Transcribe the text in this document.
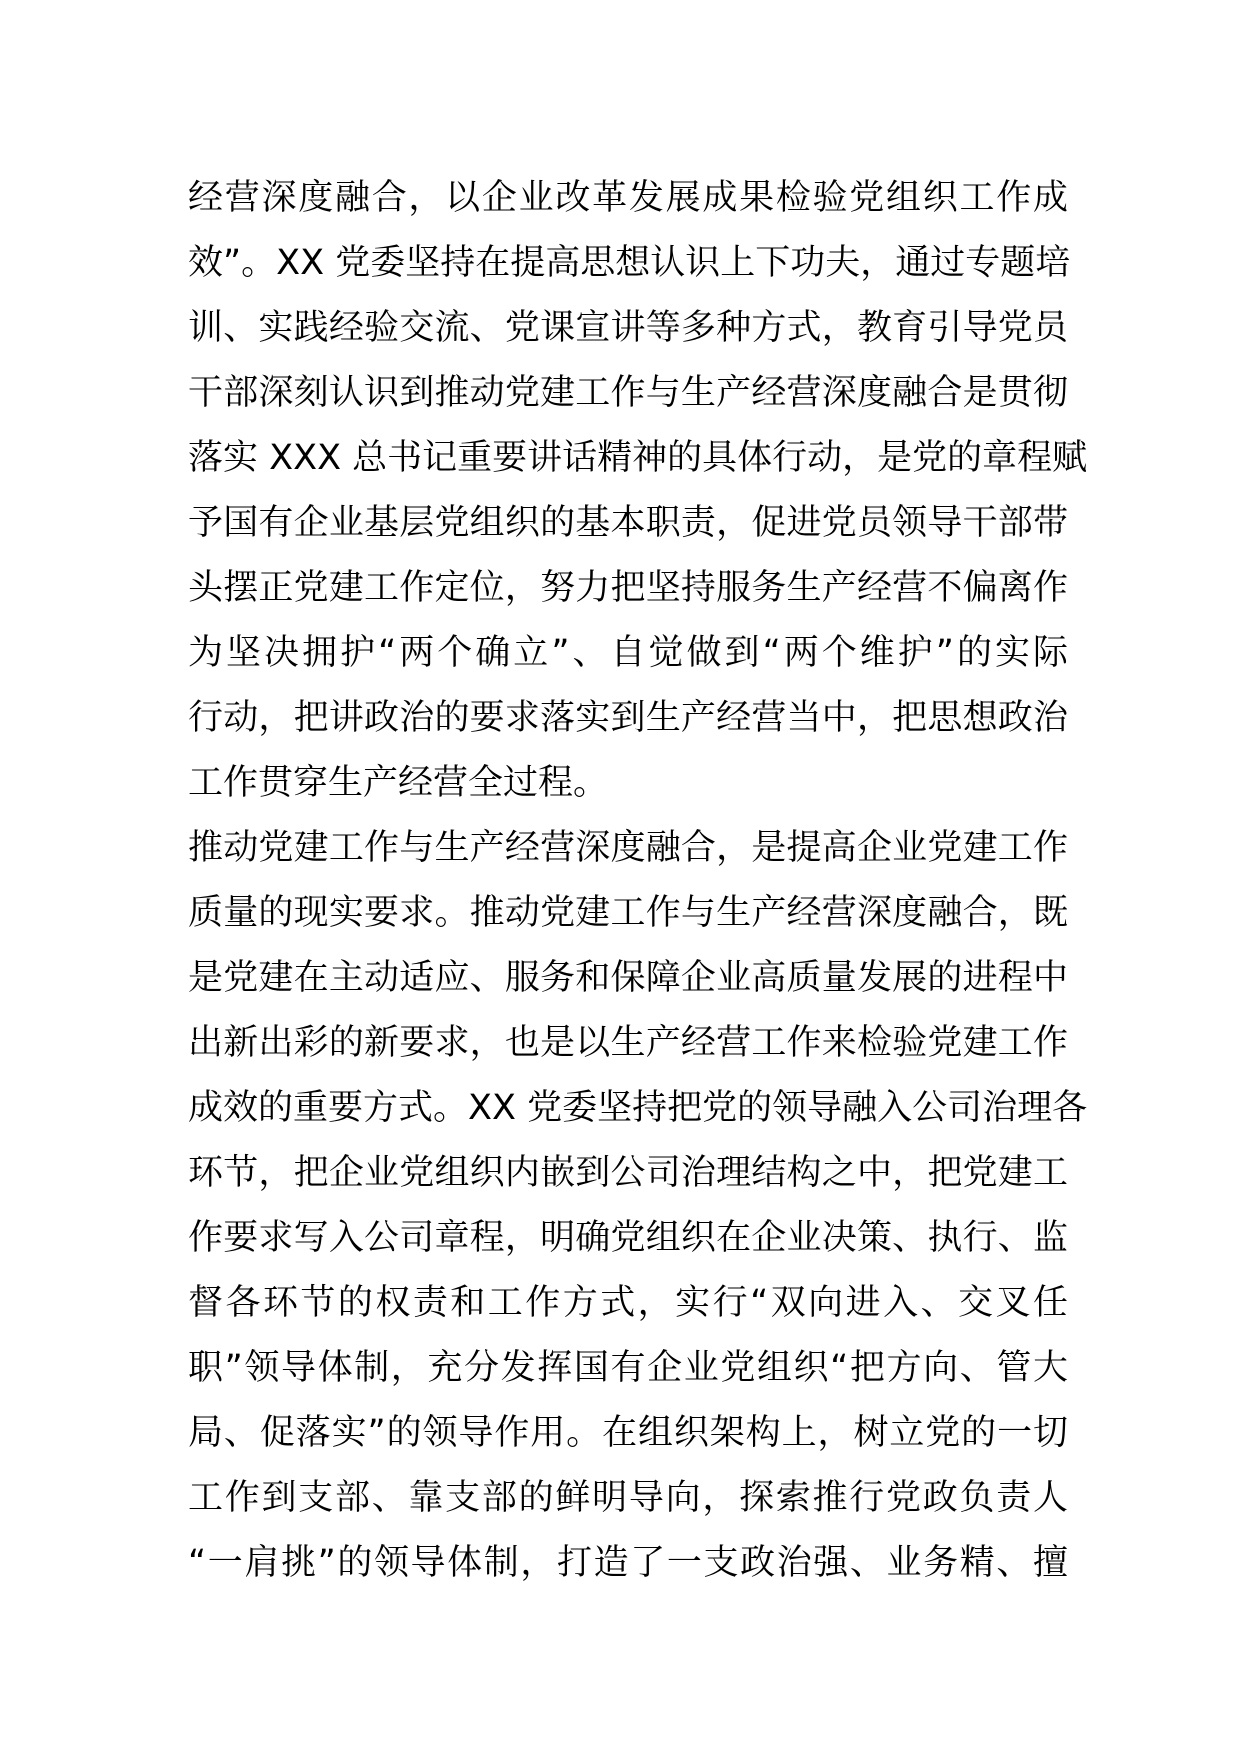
经营深度融合，以企业改革发展成果检验党组织工作成
效”。XX 党委坚持在提高思想认识上下功夫，通过专题培
训、实践经验交流、党课宣讲等多种方式，教育引导党员
干部深刻认识到推动党建工作与生产经营深度融合是贯彻
落实 XXX 总书记重要讲话精神的具体行动，是党的章程赋
予国有企业基层党组织的基本职责，促进党员领导干部带
头摆正党建工作定位，努力把坚持服务生产经营不偏离作
为坚决拥护“两个确立”、自觉做到“两个维护”的实际
行动，把讲政治的要求落实到生产经营当中，把思想政治
工作贯穿生产经营全过程。
推动党建工作与生产经营深度融合，是提高企业党建工作
质量的现实要求。推动党建工作与生产经营深度融合，既
是党建在主动适应、服务和保障企业高质量发展的进程中
出新出彩的新要求，也是以生产经营工作来检验党建工作
成效的重要方式。XX 党委坚持把党的领导融入公司治理各
环节，把企业党组织内嵌到公司治理结构之中，把党建工
作要求写入公司章程，明确党组织在企业决策、执行、监
督各环节的权责和工作方式，实行“双向进入、交叉任
职”领导体制，充分发挥国有企业党组织“把方向、管大
局、促落实”的领导作用。在组织架构上，树立党的一切
工作到支部、靠支部的鲜明导向，探索推行党政负责人
“一肩挑”的领导体制，打造了一支政治强、业务精、擅
